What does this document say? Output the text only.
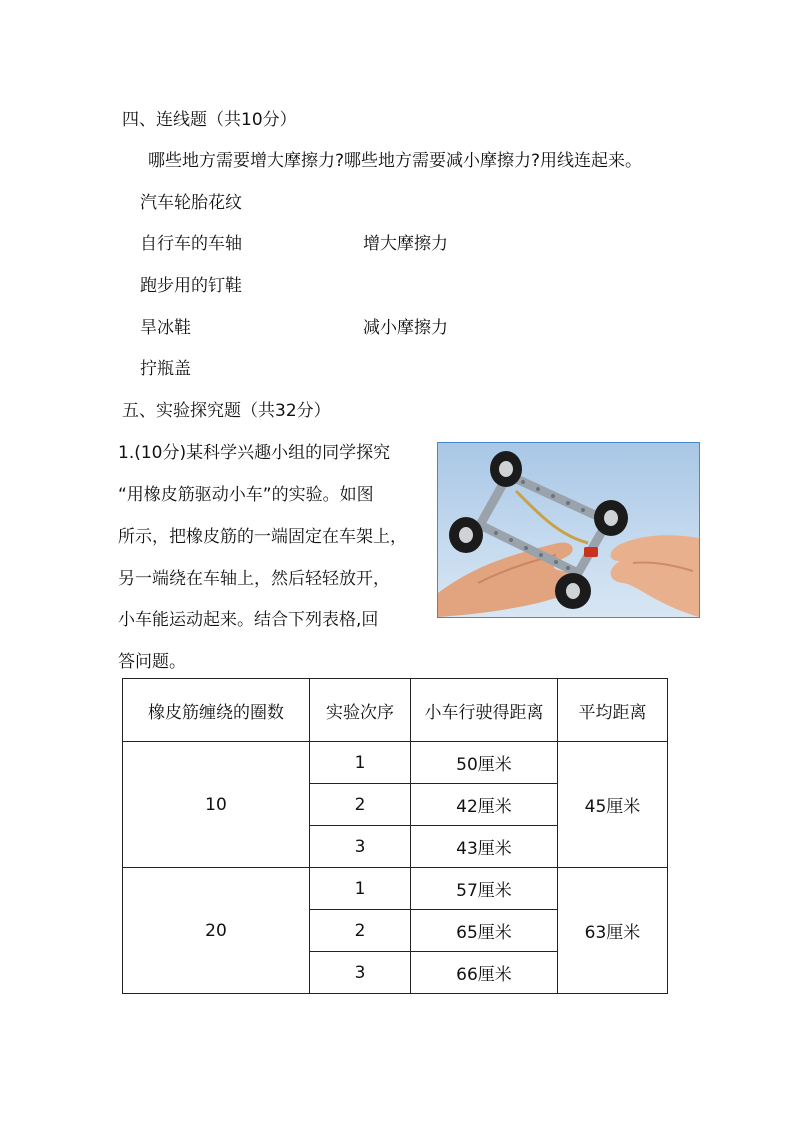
四、连线题（共10分）
哪些地方需要增大摩擦力?哪些地方需要减小摩擦力?用线连起来。
汽车轮胎花纹
自行车的车轴	增大摩擦力
跑步用的钉鞋
旱冰鞋	减小摩擦力
拧瓶盖
五、实验探究题（共32分）
1.(10分)某科学兴趣小组的同学探究
“用橡皮筋驱动小车”的实验。如图
所示，把橡皮筋的一端固定在车架上，
另一端绕在车轴上，然后轻轻放开，
小车能运动起来。结合下列表格,回
答问题。
橡皮筋缠绕的圈数	实验次序	小车行驶得距离	平均距离
10	1	50厘米	45厘米
	2	42厘米	
	3	43厘米	
20	1	57厘米	63厘米
	2	65厘米	
	3	66厘米	
